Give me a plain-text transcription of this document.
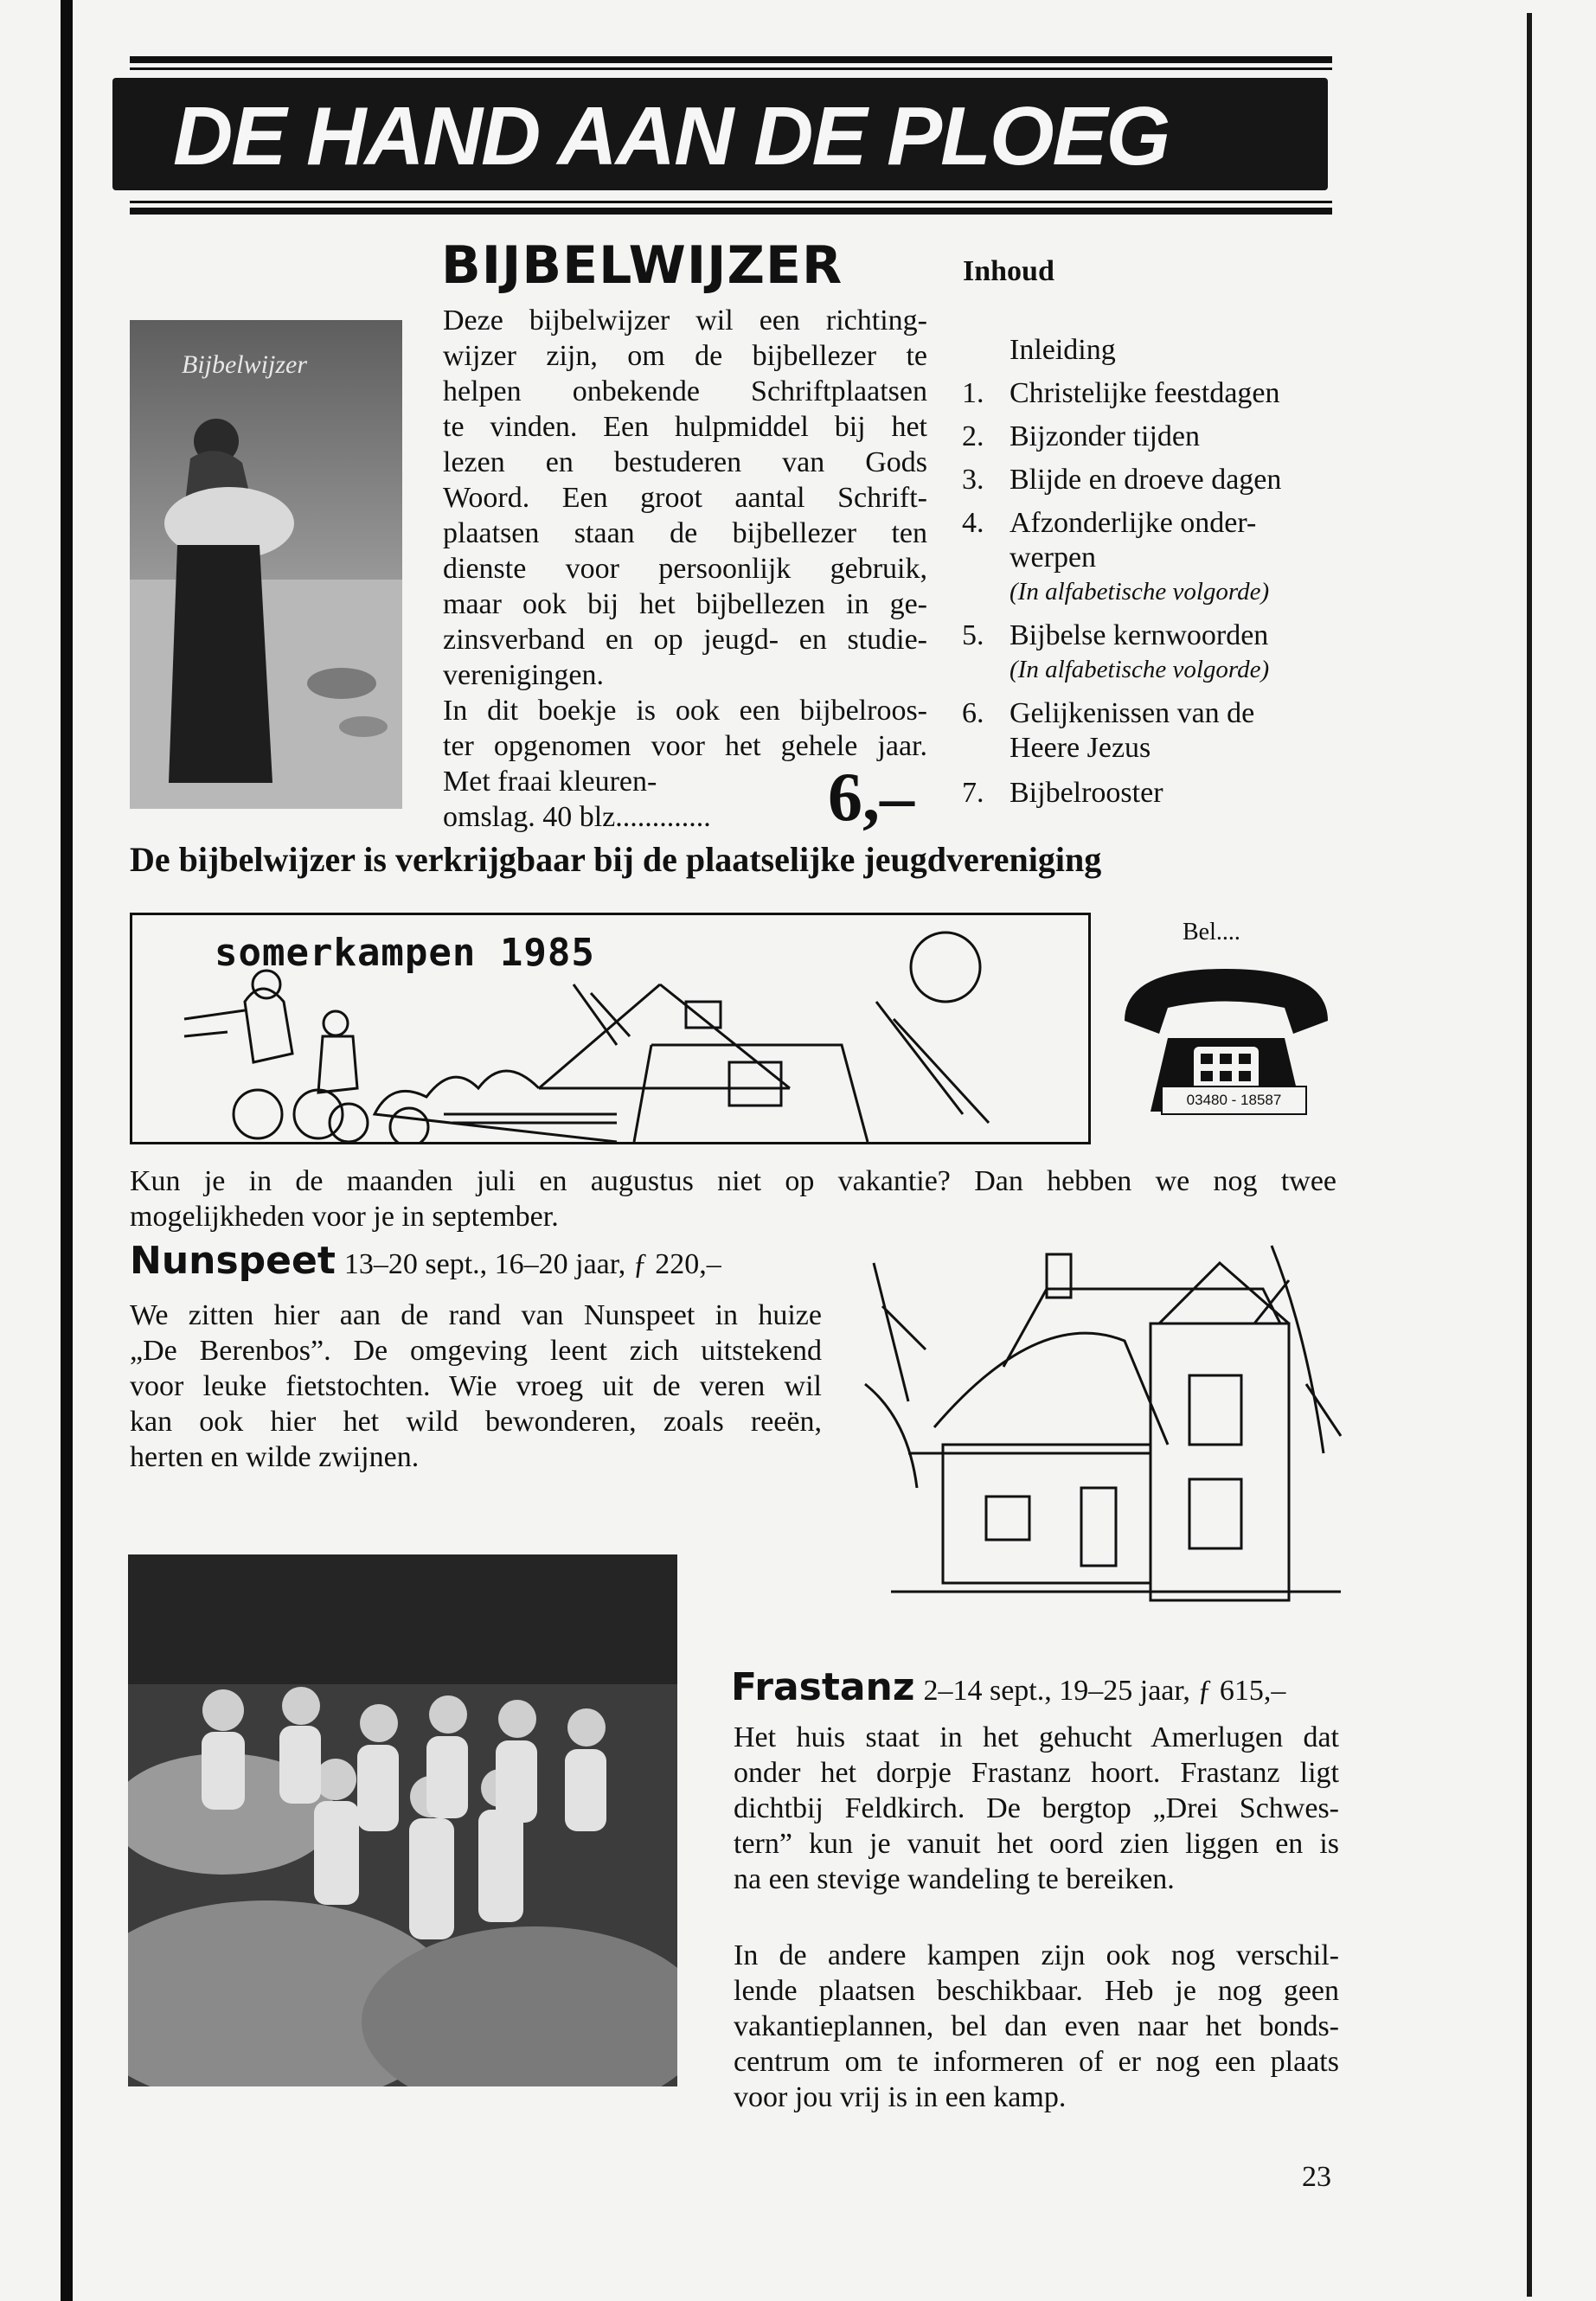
DE HAND AAN DE PLOEG
Bijbelwijzer
BIJBELWIJZER
Deze bijbelwijzer wil een richting-
wijzer zijn, om de bijbellezer te
helpen onbekende Schriftplaatsen
te vinden. Een hulpmiddel bij het
lezen en bestuderen van Gods
Woord. Een groot aantal Schrift-
plaatsen staan de bijbellezer ten
dienste voor persoonlijk gebruik,
maar ook bij het bijbellezen in ge-
zinsverband en op jeugd- en studie-
verenigingen.
In dit boekje is ook een bijbelroos-
ter opgenomen voor het gehele jaar.
Met fraai kleuren-
omslag. 40 blz............. 6,–
Inhoud
Inleiding
1. Christelijke feestdagen
2. Bijzonder tijden
3. Blijde en droeve dagen
4. Afzonderlijke onder-
werpen
(In alfabetische volgorde)
5. Bijbelse kernwoorden
(In alfabetische volgorde)
6. Gelijkenissen van de
Heere Jezus
7. Bijbelrooster
De bijbelwijzer is verkrijgbaar bij de plaatselijke jeugdvereniging
somerkampen 1985	Bel....
03480 - 18587
Kun je in de maanden juli en augustus niet op vakantie? Dan hebben we nog twee
mogelijkheden voor je in september.
Nunspeet 13–20 sept., 16–20 jaar, ƒ 220,–
We zitten hier aan de rand van Nunspeet in huize
„De Berenbos”. De omgeving leent zich uitstekend
voor leuke fietstochten. Wie vroeg uit de veren wil
kan ook hier het wild bewonderen, zoals reeën,
herten en wilde zwijnen.
Frastanz 2–14 sept., 19–25 jaar, ƒ 615,–
Het huis staat in het gehucht Amerlugen dat
onder het dorpje Frastanz hoort. Frastanz ligt
dichtbij Feldkirch. De bergtop „Drei Schwes-
tern” kun je vanuit het oord zien liggen en is
na een stevige wandeling te bereiken.
In de andere kampen zijn ook nog verschil-
lende plaatsen beschikbaar. Heb je nog geen
vakantieplannen, bel dan even naar het bonds-
centrum om te informeren of er nog een plaats
voor jou vrij is in een kamp.
23
